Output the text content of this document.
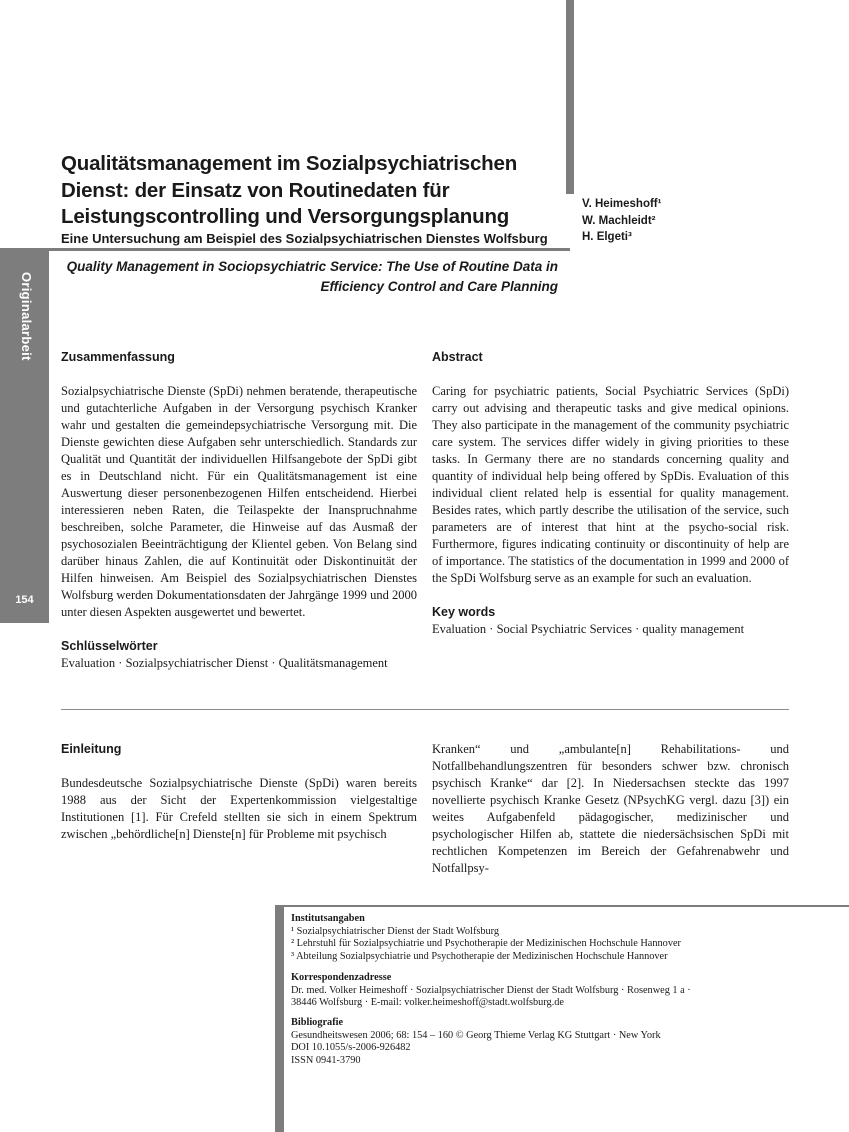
Originalarbeit
154
Qualitätsmanagement im Sozialpsychiatrischen
Dienst: der Einsatz von Routinedaten für
Leistungscontrolling und Versorgungsplanung
Eine Untersuchung am Beispiel des Sozialpsychiatrischen Dienstes Wolfsburg
V. Heimeshoff¹
W. Machleidt²
H. Elgeti³
Quality Management in Sociopsychiatric Service: The Use of Routine Data in
Efficiency Control and Care Planning
Zusammenfassung

Sozialpsychiatrische Dienste (SpDi) nehmen beratende, therapeutische und gutachterliche Aufgaben in der Versorgung psychisch Kranker wahr und gestalten die gemeindepsychiatrische Versorgung mit. Die Dienste gewichten diese Aufgaben sehr unterschiedlich. Standards zur Qualität und Quantität der individuellen Hilfsangebote der SpDi gibt es in Deutschland nicht. Für ein Qualitätsmanagement ist eine Auswertung dieser personenbezogenen Hilfen entscheidend. Hierbei interessieren neben Raten, die Teilaspekte der Inanspruchnahme beschreiben, solche Parameter, die Hinweise auf das Ausmaß der psychosozialen Beeinträchtigung der Klientel geben. Von Belang sind darüber hinaus Zahlen, die auf Kontinuität oder Diskontinuität der Hilfen hinweisen. Am Beispiel des Sozialpsychiatrischen Dienstes Wolfsburg werden Dokumentationsdaten der Jahrgänge 1999 und 2000 unter diesen Aspekten ausgewertet und bewertet.

Schlüsselwörter
Evaluation · Sozialpsychiatrischer Dienst · Qualitätsmanagement
Abstract

Caring for psychiatric patients, Social Psychiatric Services (SpDi) carry out advising and therapeutic tasks and give medical opinions. They also participate in the management of the community psychiatric care system. The services differ widely in giving priorities to these tasks. In Germany there are no standards concerning quality and quantity of individual help being offered by SpDis. Evaluation of this individual client related help is essential for quality management. Besides rates, which partly describe the utilisation of the service, such parameters are of interest that hint at the psycho-social risk. Furthermore, figures indicating continuity or discontinuity of help are of importance. The statistics of the documentation in 1999 and 2000 of the SpDi Wolfsburg serve as an example for such an evaluation.

Key words
Evaluation · Social Psychiatric Services · quality management
Einleitung

Bundesdeutsche Sozialpsychiatrische Dienste (SpDi) waren bereits 1988 aus der Sicht der Expertenkommission vielgestaltige Institutionen [1]. Für Crefeld stellten sie sich in einem Spektrum zwischen „behördliche[n] Dienste[n] für Probleme mit psychisch

Kranken“ und „ambulante[n] Rehabilitations- und Notfallbehandlungszentren für besonders schwer bzw. chronisch psychisch Kranke“ dar [2]. In Niedersachsen steckte das 1997 novellierte psychisch Kranke Gesetz (NPsychKG vergl. dazu [3]) ein weites Aufgabenfeld pädagogischer, medizinischer und psychologischer Hilfen ab, stattete die niedersächsischen SpDi mit rechtlichen Kompetenzen im Bereich der Gefahrenabwehr und Notfallpsy-

Institutsangaben
¹ Sozialpsychiatrischer Dienst der Stadt Wolfsburg
² Lehrstuhl für Sozialpsychiatrie und Psychotherapie der Medizinischen Hochschule Hannover
³ Abteilung Sozialpsychiatrie und Psychotherapie der Medizinischen Hochschule Hannover
Korrespondenzadresse
Dr. med. Volker Heimeshoff · Sozialpsychiatrischer Dienst der Stadt Wolfsburg · Rosenweg 1 a ·
38446 Wolfsburg · E-mail: volker.heimeshoff@stadt.wolfsburg.de
Bibliografie
Gesundheitswesen 2006; 68: 154 – 160 © Georg Thieme Verlag KG Stuttgart · New York
DOI 10.1055/s-2006-926482
ISSN 0941-3790
